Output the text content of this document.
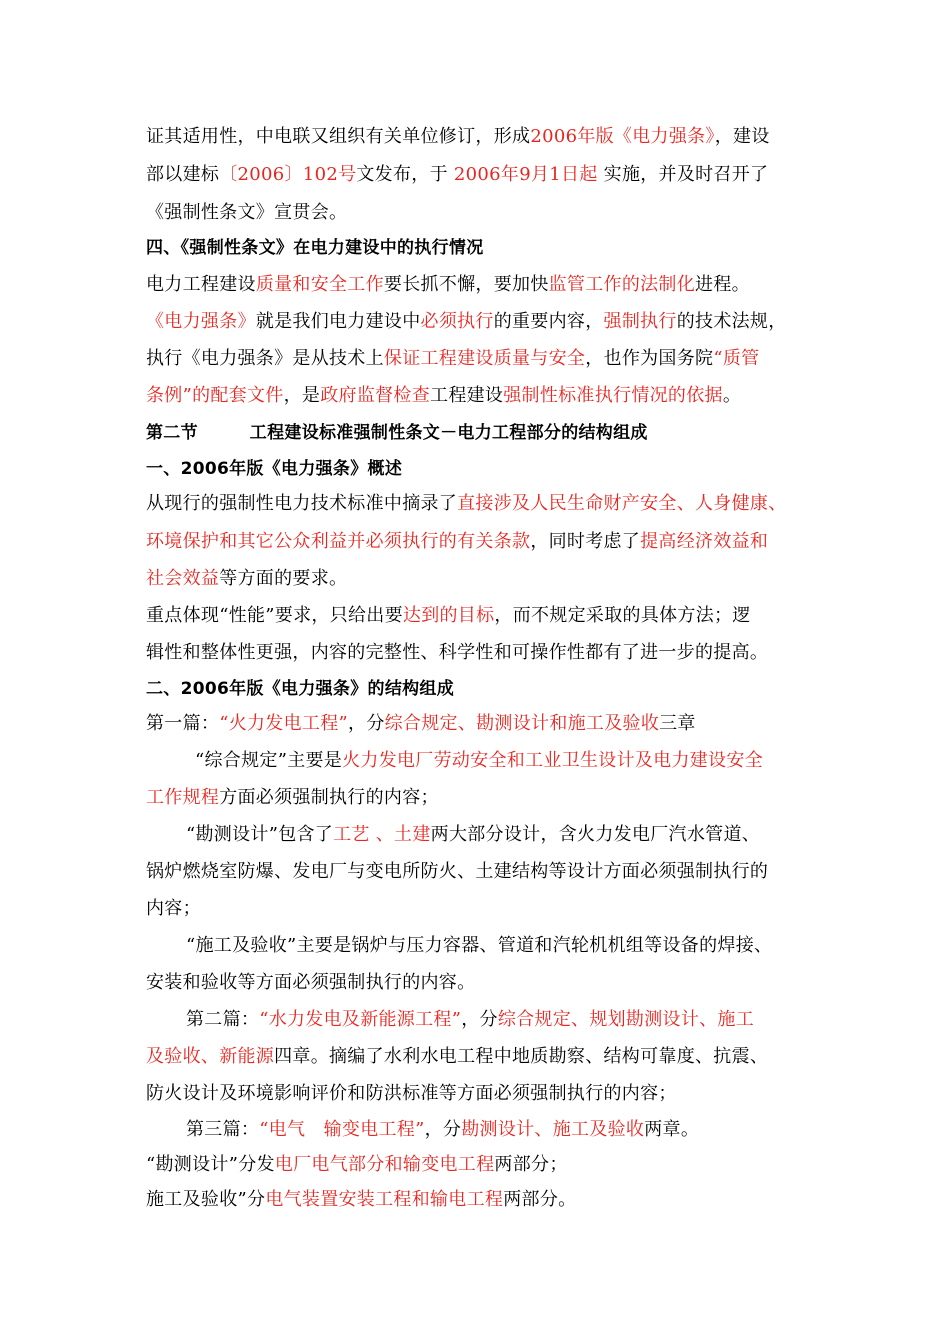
证其适用性，中电联又组织有关单位修订，形成2006年版《电力强条》，建设
部以建标〔2006〕102号文发布，于 2006年9月1日起 实施，并及时召开了
《强制性条文》宣贯会。
四、《强制性条文》在电力建设中的执行情况
电力工程建设质量和安全工作要长抓不懈，要加快监管工作的法制化进程。
《电力强条》就是我们电力建设中必须执行的重要内容，强制执行的技术法规，
执行《电力强条》是从技术上保证工程建设质量与安全，也作为国务院“质管
条例”的配套文件，是政府监督检查工程建设强制性标准执行情况的依据。
第二节　　　工程建设标准强制性条文－电力工程部分的结构组成
一、2006年版《电力强条》概述
从现行的强制性电力技术标准中摘录了直接涉及人民生命财产安全、人身健康、
环境保护和其它公众利益并必须执行的有关条款，同时考虑了提高经济效益和
社会效益等方面的要求。
重点体现“性能”要求，只给出要达到的目标，而不规定采取的具体方法；逻
辑性和整体性更强，内容的完整性、科学性和可操作性都有了进一步的提高。
二、2006年版《电力强条》的结构组成
第一篇：“火力发电工程”，分综合规定、勘测设计和施工及验收三章
“综合规定”主要是火力发电厂劳动安全和工业卫生设计及电力建设安全
工作规程方面必须强制执行的内容；
“勘测设计”包含了工艺 、土建两大部分设计，含火力发电厂汽水管道、
锅炉燃烧室防爆、发电厂与变电所防火、土建结构等设计方面必须强制执行的
内容；
“施工及验收”主要是锅炉与压力容器、管道和汽轮机机组等设备的焊接、
安装和验收等方面必须强制执行的内容。
第二篇：“水力发电及新能源工程”，分综合规定、规划勘测设计、施工
及验收、新能源四章。摘编了水利水电工程中地质勘察、结构可靠度、抗震、
防火设计及环境影响评价和防洪标准等方面必须强制执行的内容；
第三篇：“电气　输变电工程”，分勘测设计、施工及验收两章。
“勘测设计”分发电厂电气部分和输变电工程两部分；
施工及验收”分电气装置安装工程和输电工程两部分。
